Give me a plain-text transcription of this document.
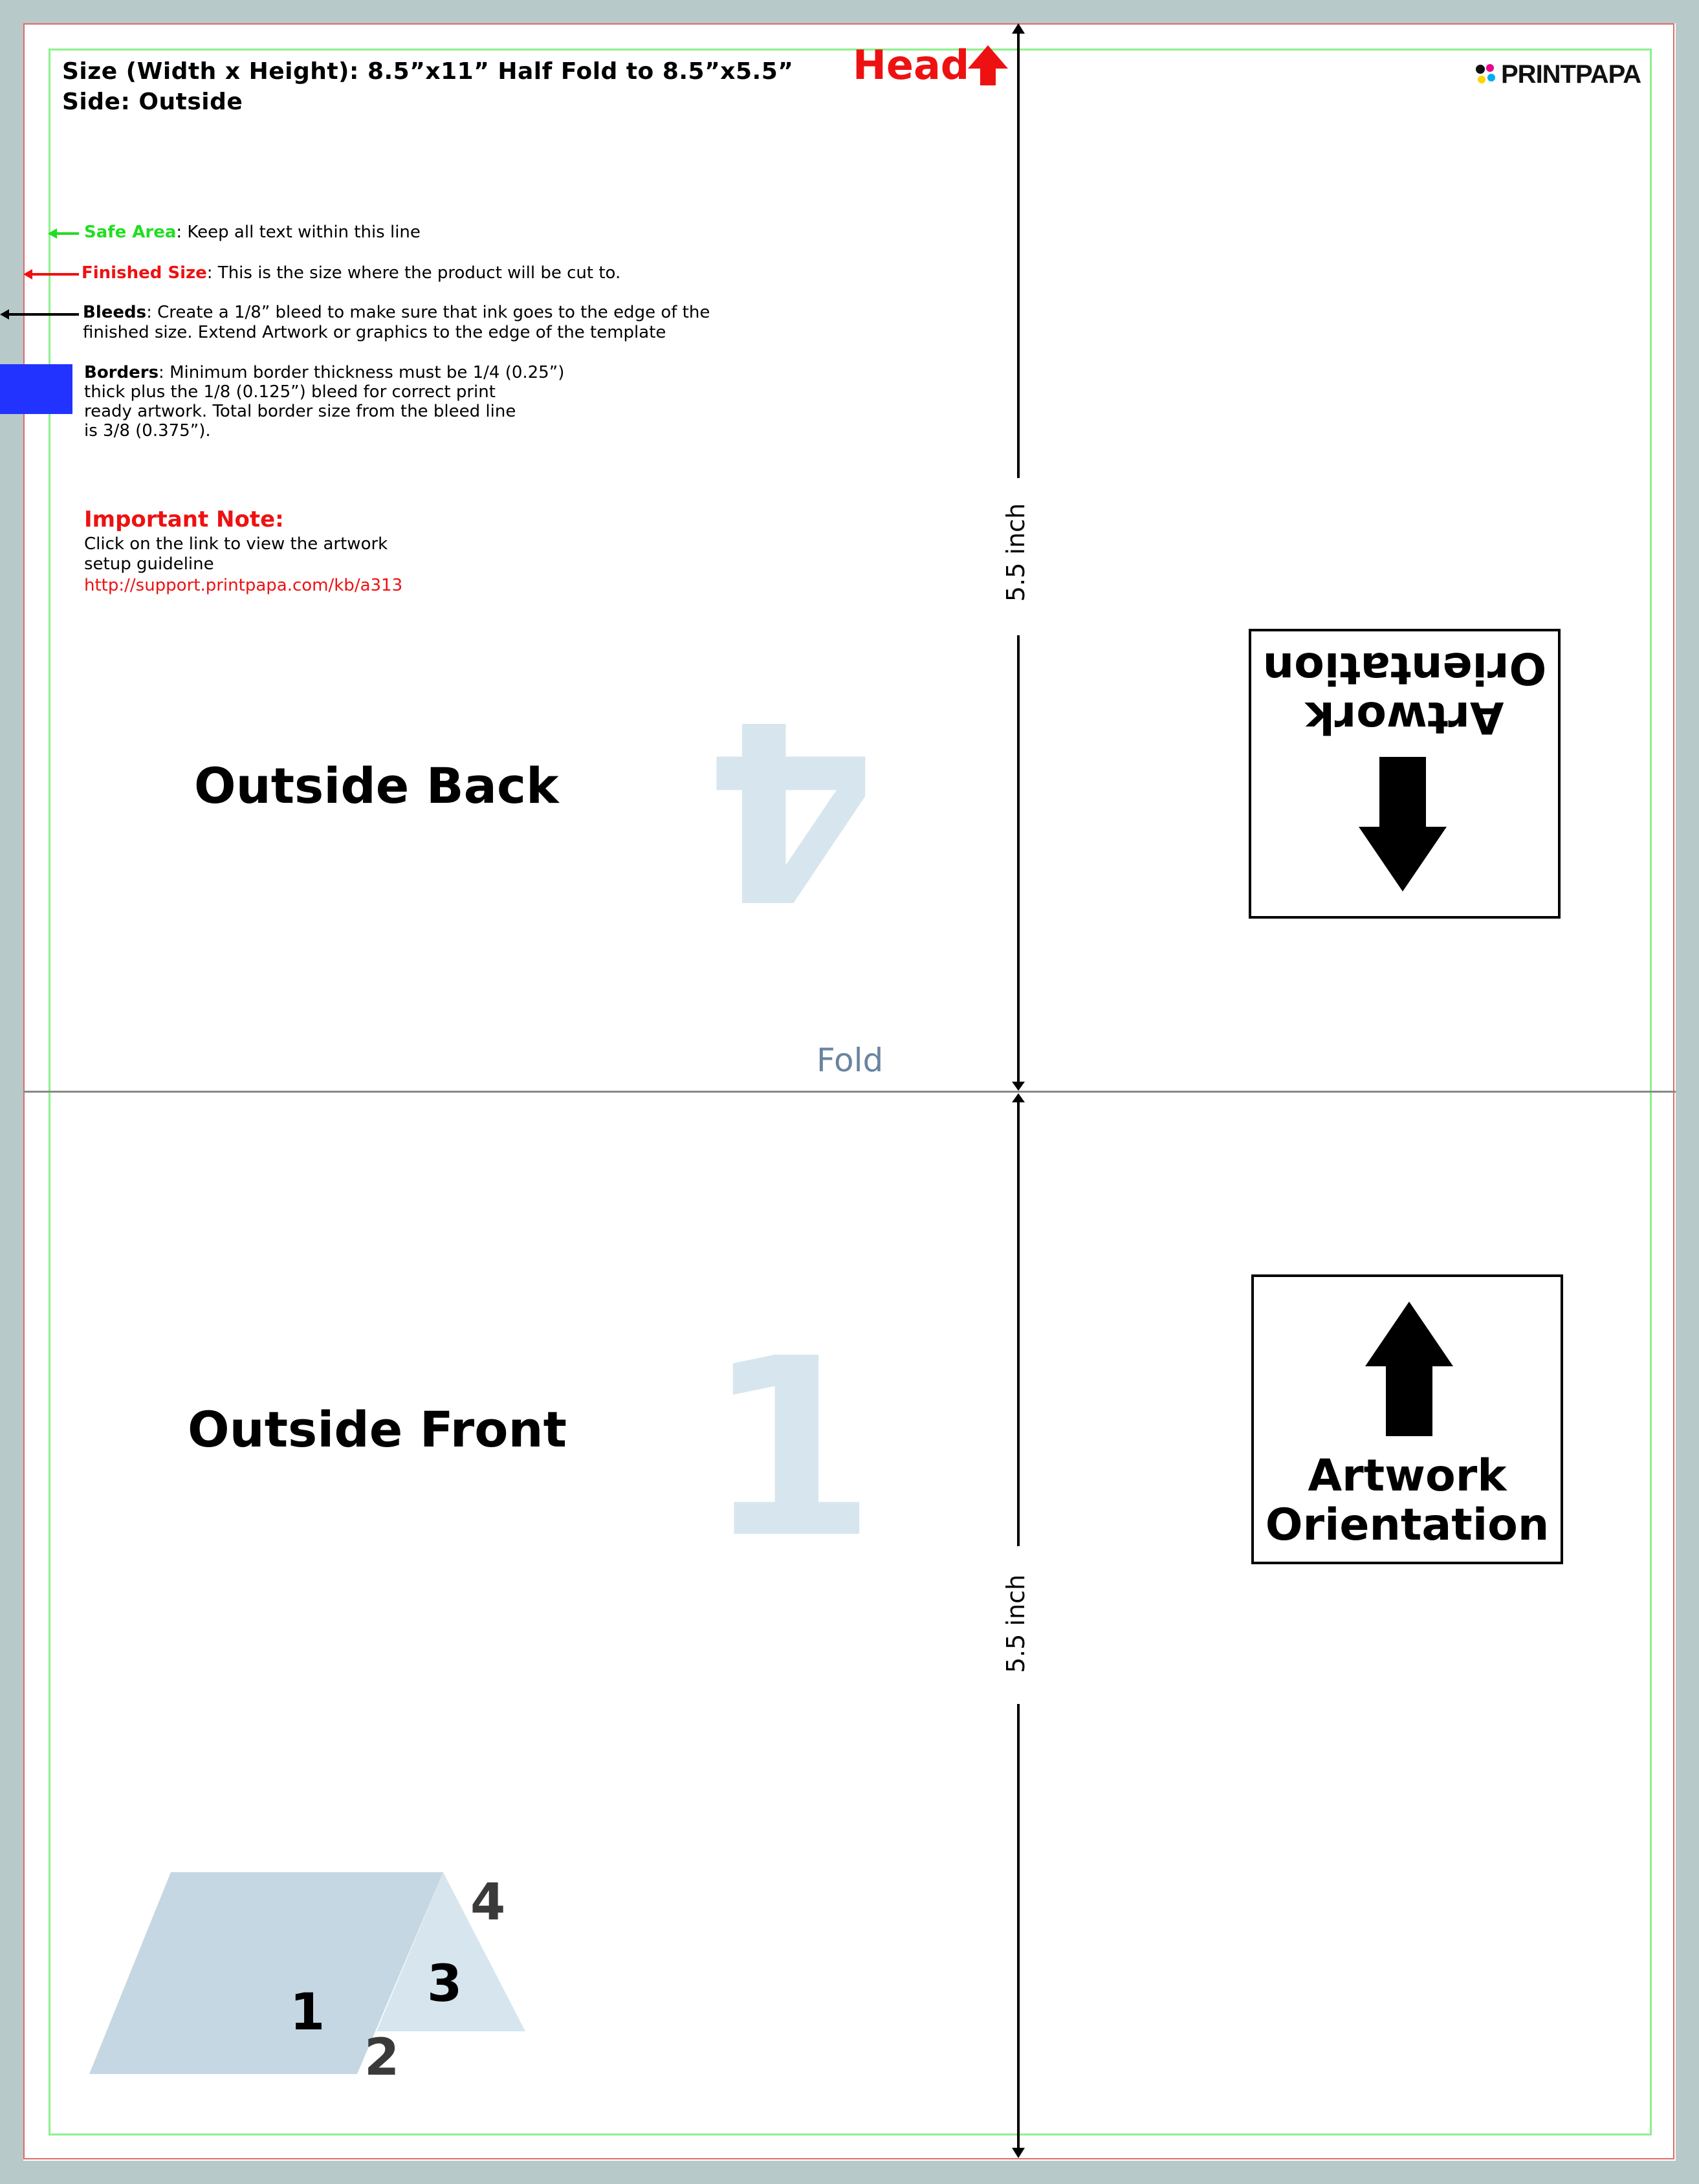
Size (Width x Height): 8.5”x11” Half Fold to 8.5”x5.5”
Side: Outside
Head	PRINTPAPA
Safe Area: Keep all text within this line
Finished Size: This is the size where the product will be cut to.
Bleeds: Create a 1/8” bleed to make sure that ink goes to the edge of the
finished size. Extend Artwork or graphics to the edge of the template
Borders: Minimum border thickness must be 1/4 (0.25”)
thick plus the 1/8 (0.125”) bleed for correct print
ready artwork. Total border size from the bleed line
is 3/8 (0.375”).
Important Note:
Click on the link to view the artwork
setup guideline
http://support.printpapa.com/kb/a313
4
Outside Back
Fold
1
Outside Front
5.5 inch
5.5 inch
Artwork
Orientation
Artwork
Orientation
1
2
3
4
